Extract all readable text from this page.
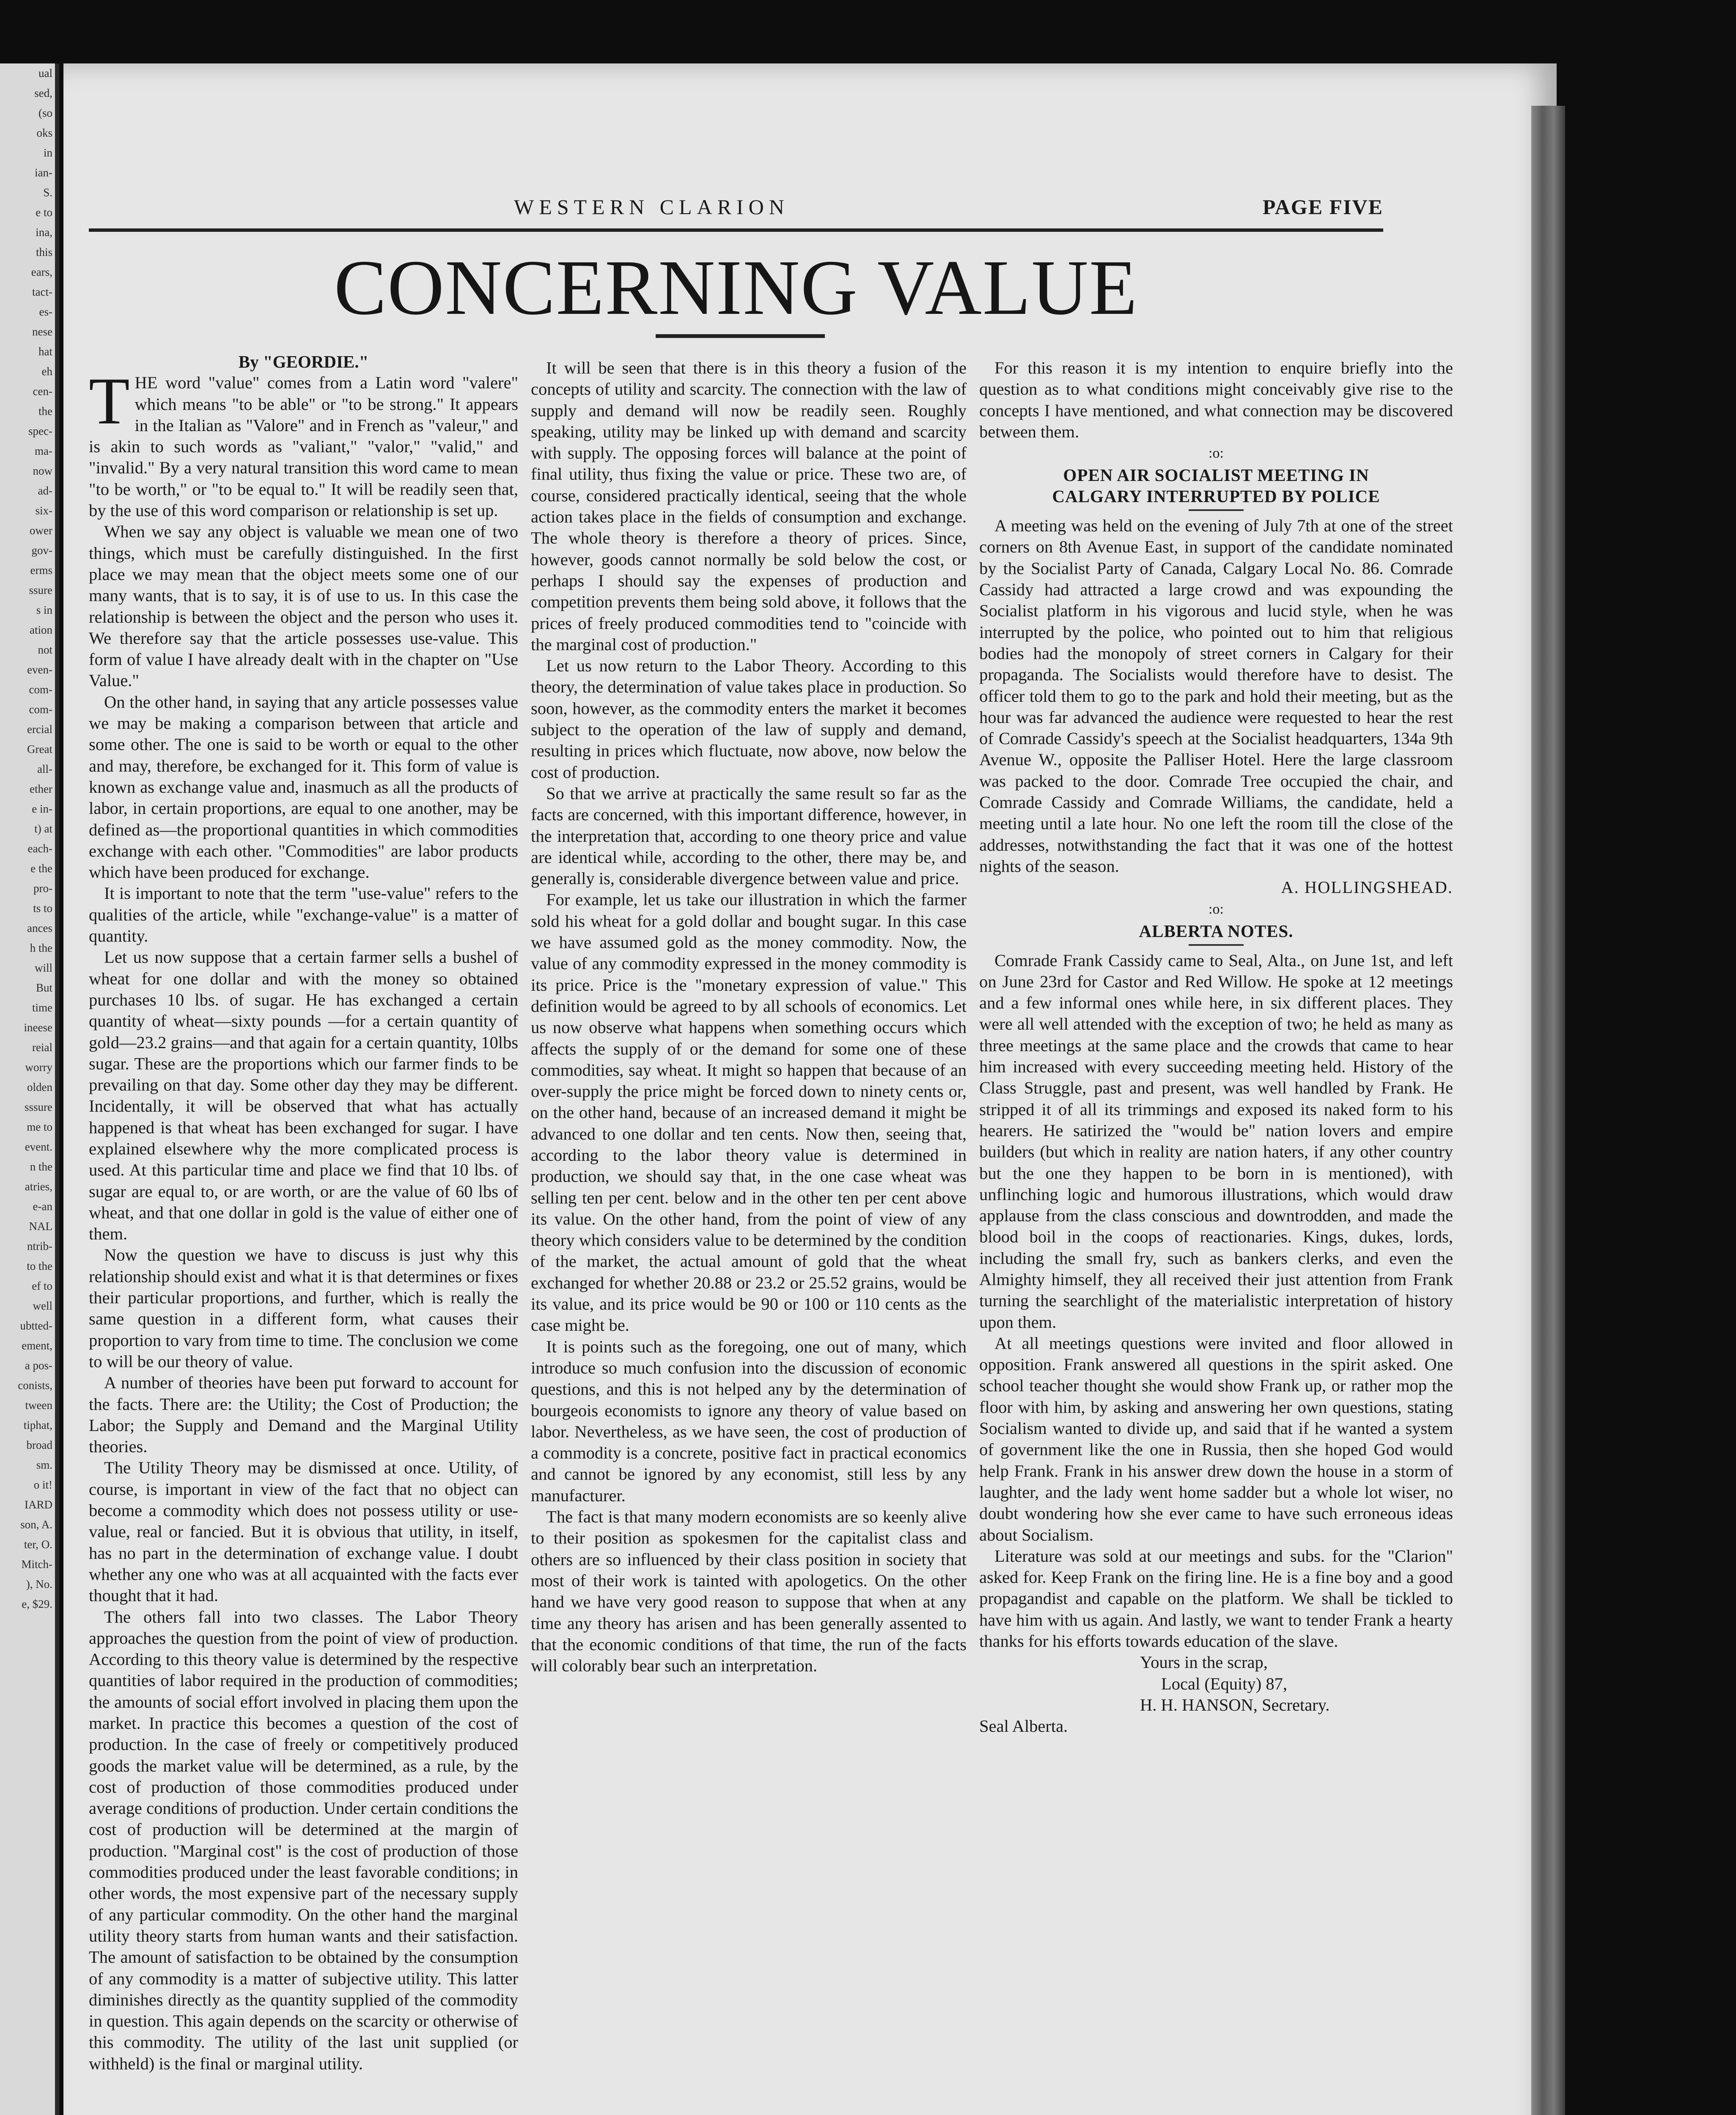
ual
sed,
(so
oks
in
ian-
S.
e to
ina,
this
ears,
tact-
es-
nese
hat
eh
cen-
the
spec-
ma-
now
ad-
six-
ower
gov-
erms
ssure
s in
ation
not
even-
com-
com-
ercial
Great
all-
ether
e in-
t) at
each-
e the
pro-
ts to
ances
h the
will
But
time
ineese
reial
worry
olden
sssure
me to
event.
n the
atries,
e-an
NAL
ntrib-
to the
ef to
well
ubtted-
ement,
a pos-
conists,
tween
tiphat,
broad
sm.
o it!
IARD
son, A.
ter, O.
Mitch-
), No.
e, $29.
WESTERN CLARION	PAGE FIVE
CONCERNING VALUE

By "GEORDIE."

THE word "value" comes from a Latin word "valere" which means "to be able" or "to be strong." It appears in the Italian as "Valore" and in French as "valeur," and is akin to such words as "valiant," "valor," "valid," and "invalid." By a very natural transition this word came to mean "to be worth," or "to be equal to." It will be readily seen that, by the use of this word comparison or relationship is set up.

When we say any object is valuable we mean one of two things, which must be carefully distinguished. In the first place we may mean that the object meets some one of our many wants, that is to say, it is of use to us. In this case the relationship is between the object and the person who uses it. We therefore say that the article possesses use-value. This form of value I have already dealt with in the chapter on "Use Value."

On the other hand, in saying that any article possesses value we may be making a comparison between that article and some other. The one is said to be worth or equal to the other and may, therefore, be exchanged for it. This form of value is known as exchange value and, inasmuch as all the products of labor, in certain proportions, are equal to one another, may be defined as—the proportional quantities in which commodities exchange with each other. "Commodities" are labor products which have been produced for exchange.

It is important to note that the term "use-value" refers to the qualities of the article, while "exchange-value" is a matter of quantity.

Let us now suppose that a certain farmer sells a bushel of wheat for one dollar and with the money so obtained purchases 10 lbs. of sugar. He has exchanged a certain quantity of wheat—sixty pounds —for a certain quantity of gold—23.2 grains—and that again for a certain quantity, 10lbs sugar. These are the proportions which our farmer finds to be prevailing on that day. Some other day they may be different. Incidentally, it will be observed that what has actually happened is that wheat has been exchanged for sugar. I have explained elsewhere why the more complicated process is used. At this particular time and place we find that 10 lbs. of sugar are equal to, or are worth, or are the value of 60 lbs of wheat, and that one dollar in gold is the value of either one of them.

Now the question we have to discuss is just why this relationship should exist and what it is that determines or fixes their particular proportions, and further, which is really the same question in a different form, what causes their proportion to vary from time to time. The conclusion we come to will be our theory of value.

A number of theories have been put forward to account for the facts. There are: the Utility; the Cost of Production; the Labor; the Supply and Demand and the Marginal Utility theories.

The Utility Theory may be dismissed at once. Utility, of course, is important in view of the fact that no object can become a commodity which does not possess utility or use-value, real or fancied. But it is obvious that utility, in itself, has no part in the determination of exchange value. I doubt whether any one who was at all acquainted with the facts ever thought that it had.

The others fall into two classes. The Labor Theory approaches the question from the point of view of production. According to this theory value is determined by the respective quantities of labor required in the production of commodities; the amounts of social effort involved in placing them upon the market. In practice this becomes a question of the cost of production. In the case of freely or competitively produced goods the market value will be determined, as a rule, by the cost of production of those commodities produced under average conditions of production. Under certain conditions the cost of production will be determined at the margin of production. "Marginal cost" is the cost of production of those commodities produced under the least favorable conditions; in other words, the most expensive part of the necessary supply of any particular commodity. On the other hand the marginal utility theory starts from human wants and their satisfaction. The amount of satisfaction to be obtained by the consumption of any commodity is a matter of subjective utility. This latter diminishes directly as the quantity supplied of the commodity in question. This again depends on the scarcity or otherwise of this commodity. The utility of the last unit supplied (or withheld) is the final or marginal utility.

It will be seen that there is in this theory a fusion of the concepts of utility and scarcity. The connection with the law of supply and demand will now be readily seen. Roughly speaking, utility may be linked up with demand and scarcity with supply. The opposing forces will balance at the point of final utility, thus fixing the value or price. These two are, of course, considered practically identical, seeing that the whole action takes place in the fields of consumption and exchange. The whole theory is therefore a theory of prices. Since, however, goods cannot normally be sold below the cost, or perhaps I should say the expenses of production and competition prevents them being sold above, it follows that the prices of freely produced commodities tend to "coincide with the marginal cost of production."

Let us now return to the Labor Theory. According to this theory, the determination of value takes place in production. So soon, however, as the commodity enters the market it becomes subject to the operation of the law of supply and demand, resulting in prices which fluctuate, now above, now below the cost of production.

So that we arrive at practically the same result so far as the facts are concerned, with this important difference, however, in the interpretation that, according to one theory price and value are identical while, according to the other, there may be, and generally is, considerable divergence between value and price.

For example, let us take our illustration in which the farmer sold his wheat for a gold dollar and bought sugar. In this case we have assumed gold as the money commodity. Now, the value of any commodity expressed in the money commodity is its price. Price is the "monetary expression of value." This definition would be agreed to by all schools of economics. Let us now observe what happens when something occurs which affects the supply of or the demand for some one of these commodities, say wheat. It might so happen that because of an over-supply the price might be forced down to ninety cents or, on the other hand, because of an increased demand it might be advanced to one dollar and ten cents. Now then, seeing that, according to the labor theory value is determined in production, we should say that, in the one case wheat was selling ten per cent. below and in the other ten per cent above its value. On the other hand, from the point of view of any theory which considers value to be determined by the condition of the market, the actual amount of gold that the wheat exchanged for whether 20.88 or 23.2 or 25.52 grains, would be its value, and its price would be 90 or 100 or 110 cents as the case might be.

It is points such as the foregoing, one out of many, which introduce so much confusion into the discussion of economic questions, and this is not helped any by the determination of bourgeois economists to ignore any theory of value based on labor. Nevertheless, as we have seen, the cost of production of a commodity is a concrete, positive fact in practical economics and cannot be ignored by any economist, still less by any manufacturer.

The fact is that many modern economists are so keenly alive to their position as spokesmen for the capitalist class and others are so influenced by their class position in society that most of their work is tainted with apologetics. On the other hand we have very good reason to suppose that when at any time any theory has arisen and has been generally assented to that the economic conditions of that time, the run of the facts will colorably bear such an interpretation.

For this reason it is my intention to enquire briefly into the question as to what conditions might conceivably give rise to the concepts I have mentioned, and what connection may be discovered between them.

:o:

OPEN AIR SOCIALIST MEETING IN

CALGARY INTERRUPTED BY POLICE

A meeting was held on the evening of July 7th at one of the street corners on 8th Avenue East, in support of the candidate nominated by the Socialist Party of Canada, Calgary Local No. 86. Comrade Cassidy had attracted a large crowd and was expounding the Socialist platform in his vigorous and lucid style, when he was interrupted by the police, who pointed out to him that religious bodies had the monopoly of street corners in Calgary for their propaganda. The Socialists would therefore have to desist. The officer told them to go to the park and hold their meeting, but as the hour was far advanced the audience were requested to hear the rest of Comrade Cassidy's speech at the Socialist headquarters, 134a 9th Avenue W., opposite the Palliser Hotel. Here the large classroom was packed to the door. Comrade Tree occupied the chair, and Comrade Cassidy and Comrade Williams, the candidate, held a meeting until a late hour. No one left the room till the close of the addresses, notwithstanding the fact that it was one of the hottest nights of the season.

A. HOLLINGSHEAD.

:o:

ALBERTA NOTES.

Comrade Frank Cassidy came to Seal, Alta., on June 1st, and left on June 23rd for Castor and Red Willow. He spoke at 12 meetings and a few informal ones while here, in six different places. They were all well attended with the exception of two; he held as many as three meetings at the same place and the crowds that came to hear him increased with every succeeding meeting held. History of the Class Struggle, past and present, was well handled by Frank. He stripped it of all its trimmings and exposed its naked form to his hearers. He satirized the "would be" nation lovers and empire builders (but which in reality are nation haters, if any other country but the one they happen to be born in is mentioned), with unflinching logic and humorous illustrations, which would draw applause from the class conscious and downtrodden, and made the blood boil in the coops of reactionaries. Kings, dukes, lords, including the small fry, such as bankers clerks, and even the Almighty himself, they all received their just attention from Frank turning the searchlight of the materialistic interpretation of history upon them.

At all meetings questions were invited and floor allowed in opposition. Frank answered all questions in the spirit asked. One school teacher thought she would show Frank up, or rather mop the floor with him, by asking and answering her own questions, stating Socialism wanted to divide up, and said that if he wanted a system of government like the one in Russia, then she hoped God would help Frank. Frank in his answer drew down the house in a storm of laughter, and the lady went home sadder but a whole lot wiser, no doubt wondering how she ever came to have such erroneous ideas about Socialism.

Literature was sold at our meetings and subs. for the "Clarion" asked for. Keep Frank on the firing line. He is a fine boy and a good propagandist and capable on the platform. We shall be tickled to have him with us again. And lastly, we want to tender Frank a hearty thanks for his efforts towards education of the slave.

Yours in the scrap,

Local (Equity) 87,

H. H. HANSON, Secretary.

Seal Alberta.
